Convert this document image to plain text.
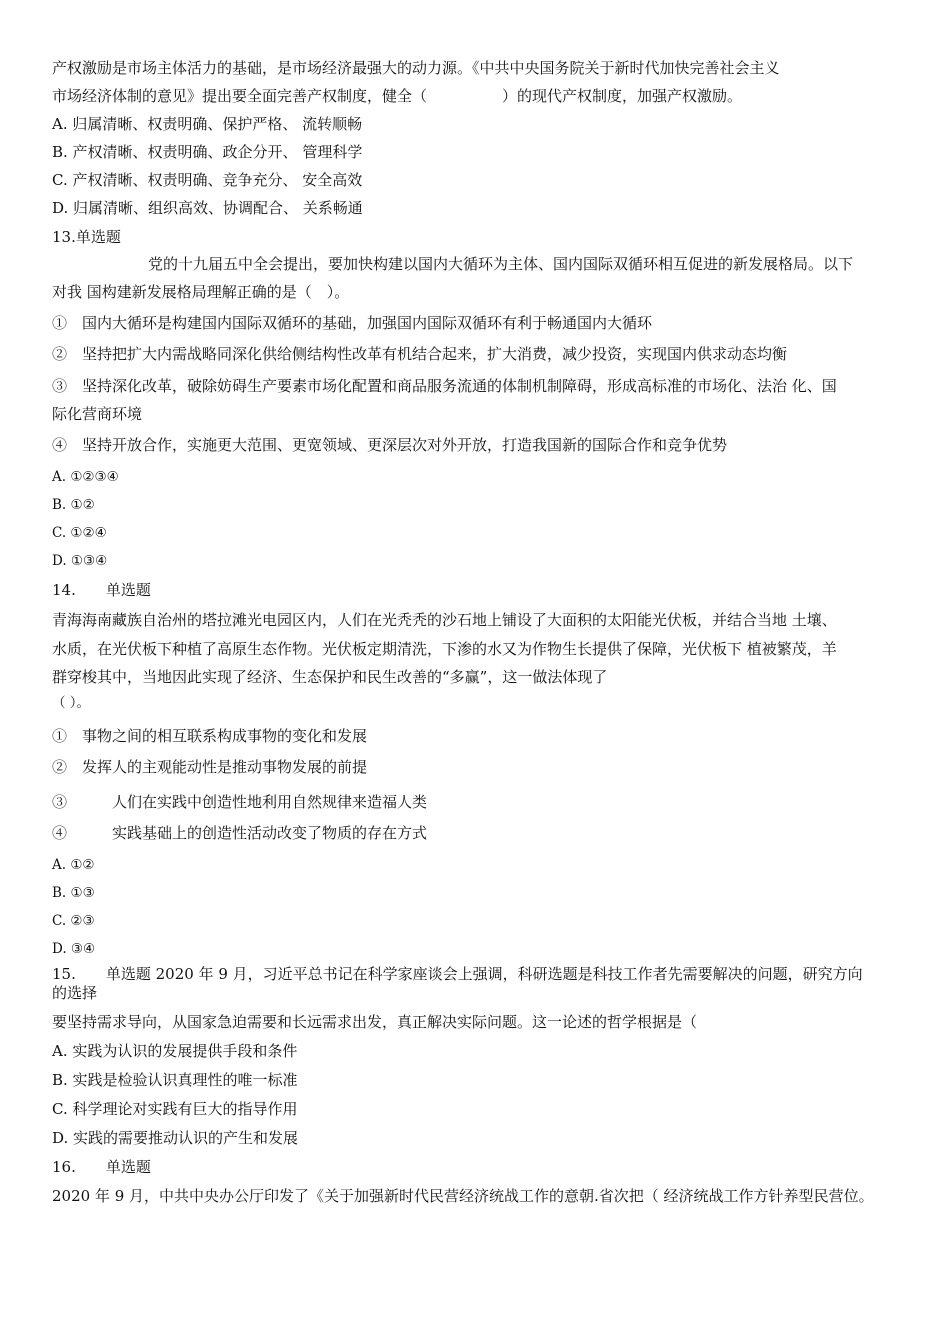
产权激励是市场主体活力的基础，是市场经济最强大的动力源。《中共中央国务院关于新时代加快完善社会主义
市场经济体制的意见》提出要全面完善产权制度，健全（　　　　　）的现代产权制度，加强产权激励。
A. 归属清晰、权责明确、保护严格、 流转顺畅
B. 产权清晰、权责明确、政企分开、 管理科学
C. 产权清晰、权责明确、竞争充分、 安全高效
D. 归属清晰、组织高效、协调配合、 关系畅通
13.单选题
党的十九届五中全会提出，要加快构建以国内大循环为主体、国内国际双循环相互促进的新发展格局。以下
对我 国构建新发展格局理解正确的是（　）。
①　国内大循环是构建国内国际双循环的基础，加强国内国际双循环有利于畅通国内大循环
②　坚持把扩大内需战略同深化供给侧结构性改革有机结合起来，扩大消费，减少投资，实现国内供求动态均衡
③　坚持深化改革，破除妨碍生产要素市场化配置和商品服务流通的体制机制障碍，形成高标准的市场化、法治 化、国
际化营商环境
④　坚持开放合作，实施更大范围、更宽领域、更深层次对外开放，打造我国新的国际合作和竞争优势
A. ①②③④
B. ①②
C. ①②④
D. ①③④
14.　　单选题
青海海南藏族自治州的塔拉滩光电园区内，人们在光秃秃的沙石地上铺设了大面积的太阳能光伏板，并结合当地 土壤、
水质，在光伏板下种植了高原生态作物。光伏板定期清洗，下渗的水又为作物生长提供了保障，光伏板下 植被繁茂，羊
群穿梭其中，当地因此实现了经济、生态保护和民生改善的“多赢”，这一做法体现了
（ ）。
①　事物之间的相互联系构成事物的变化和发展
②　发挥人的主观能动性是推动事物发展的前提
③　　　人们在实践中创造性地利用自然规律来造福人类
④　　　实践基础上的创造性活动改变了物质的存在方式
A. ①②
B. ①③
C. ②③
D. ③④
15.　　单选题 2020 年 9 月，习近平总书记在科学家座谈会上强调，科研选题是科技工作者先需要解决的问题，研究方向
的选择
要坚持需求导向，从国家急迫需要和长远需求出发，真正解决实际问题。这一论述的哲学根据是（
A. 实践为认识的发展提供手段和条件
B. 实践是检验认识真理性的唯一标准
C. 科学理论对实践有巨大的指导作用
D. 实践的需要推动认识的产生和发展
16.　　单选题
2020 年 9 月，中共中央办公厅印发了《关于加强新时代民营经济统战工作的意朝.省次把（ 经济统战工作方针养型民营位。
